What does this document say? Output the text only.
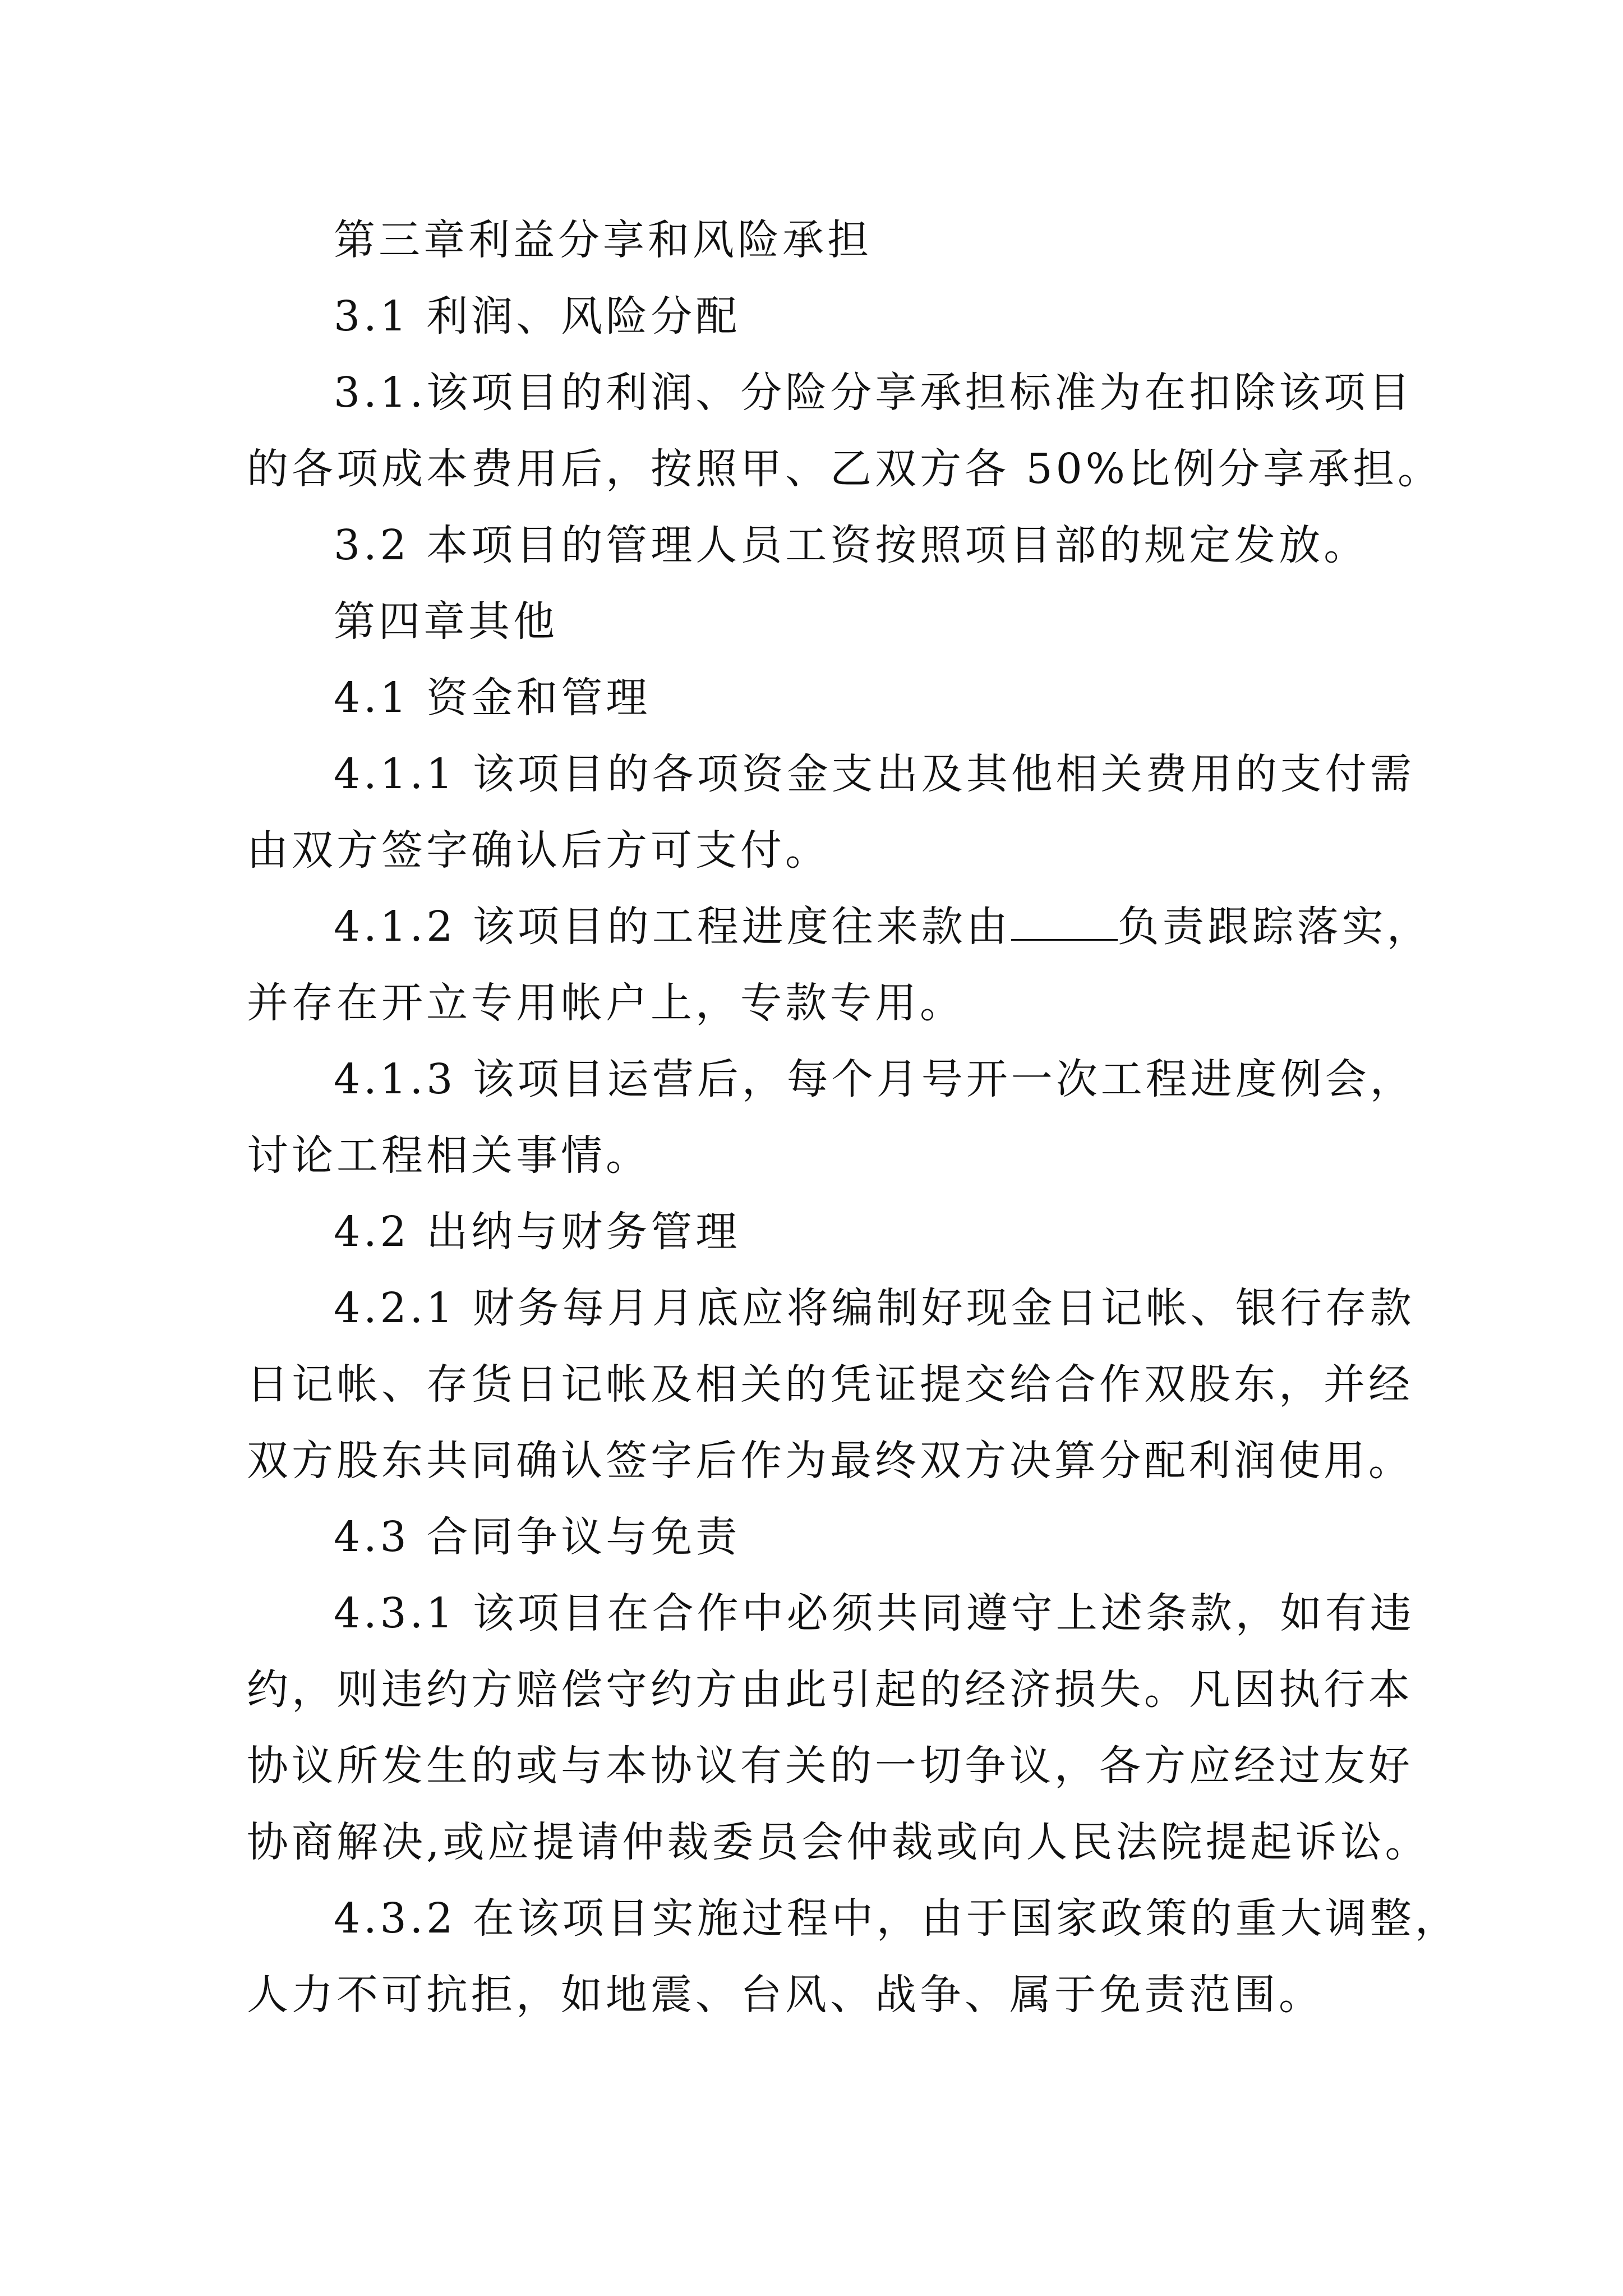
第三章利益分享和风险承担
3.1 利润、风险分配
3.1.该项目的利润、分险分享承担标准为在扣除该项目
的各项成本费用后，按照甲、乙双方各 50%比例分享承担。
3.2 本项目的管理人员工资按照项目部的规定发放。
第四章其他
4.1 资金和管理
4.1.1 该项目的各项资金支出及其他相关费用的支付需
由双方签字确认后方可支付。
4.1.2 该项目的工程进度往来款由	负责跟踪落实，
并存在开立专用帐户上，专款专用。
4.1.3 该项目运营后，每个月号开一次工程进度例会，
讨论工程相关事情。
4.2 出纳与财务管理
4.2.1 财务每月月底应将编制好现金日记帐、银行存款
日记帐、存货日记帐及相关的凭证提交给合作双股东，并经
双方股东共同确认签字后作为最终双方决算分配利润使用。
4.3 合同争议与免责
4.3.1 该项目在合作中必须共同遵守上述条款，如有违
约，则违约方赔偿守约方由此引起的经济损失。凡因执行本
协议所发生的或与本协议有关的一切争议，各方应经过友好
协商解决,或应提请仲裁委员会仲裁或向人民法院提起诉讼。
4.3.2 在该项目实施过程中，由于国家政策的重大调整，
人力不可抗拒，如地震、台风、战争、属于免责范围。
